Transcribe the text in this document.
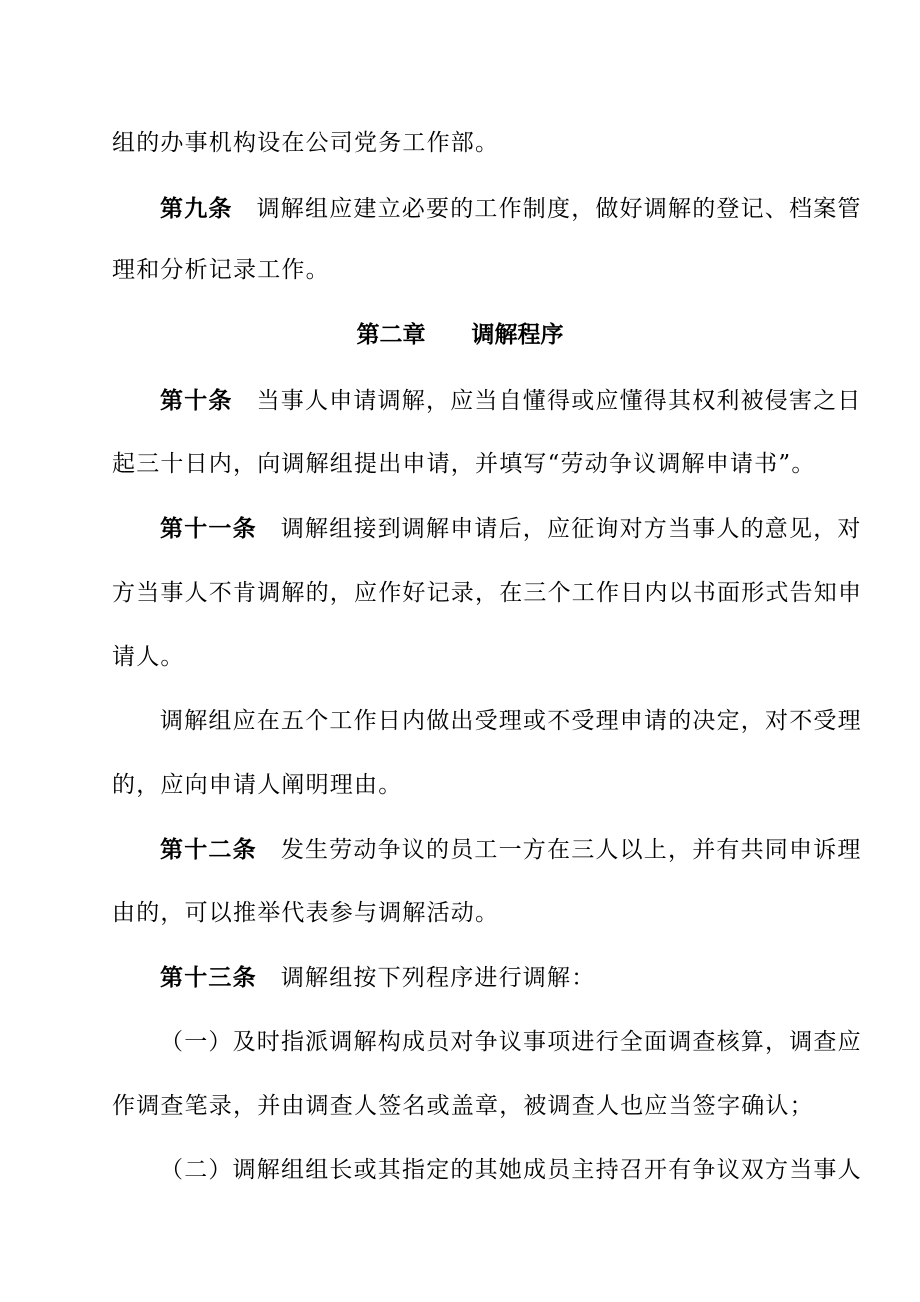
组的办事机构设在公司党务工作部。
第九条 调解组应建立必要的工作制度，做好调解的登记、档案管
理和分析记录工作。
第二章 调解程序
第十条 当事人申请调解，应当自懂得或应懂得其权利被侵害之日
起三十日内，向调解组提出申请，并填写“劳动争议调解申请书”。
第十一条 调解组接到调解申请后，应征询对方当事人的意见，对
方当事人不肯调解的，应作好记录，在三个工作日内以书面形式告知申
请人。
调解组应在五个工作日内做出受理或不受理申请的决定，对不受理
的，应向申请人阐明理由。
第十二条 发生劳动争议的员工一方在三人以上，并有共同申诉理
由的，可以推举代表参与调解活动。
第十三条 调解组按下列程序进行调解：
（一）及时指派调解构成员对争议事项进行全面调查核算，调查应
作调查笔录，并由调查人签名或盖章，被调查人也应当签字确认；
（二）调解组组长或其指定的其她成员主持召开有争议双方当事人
